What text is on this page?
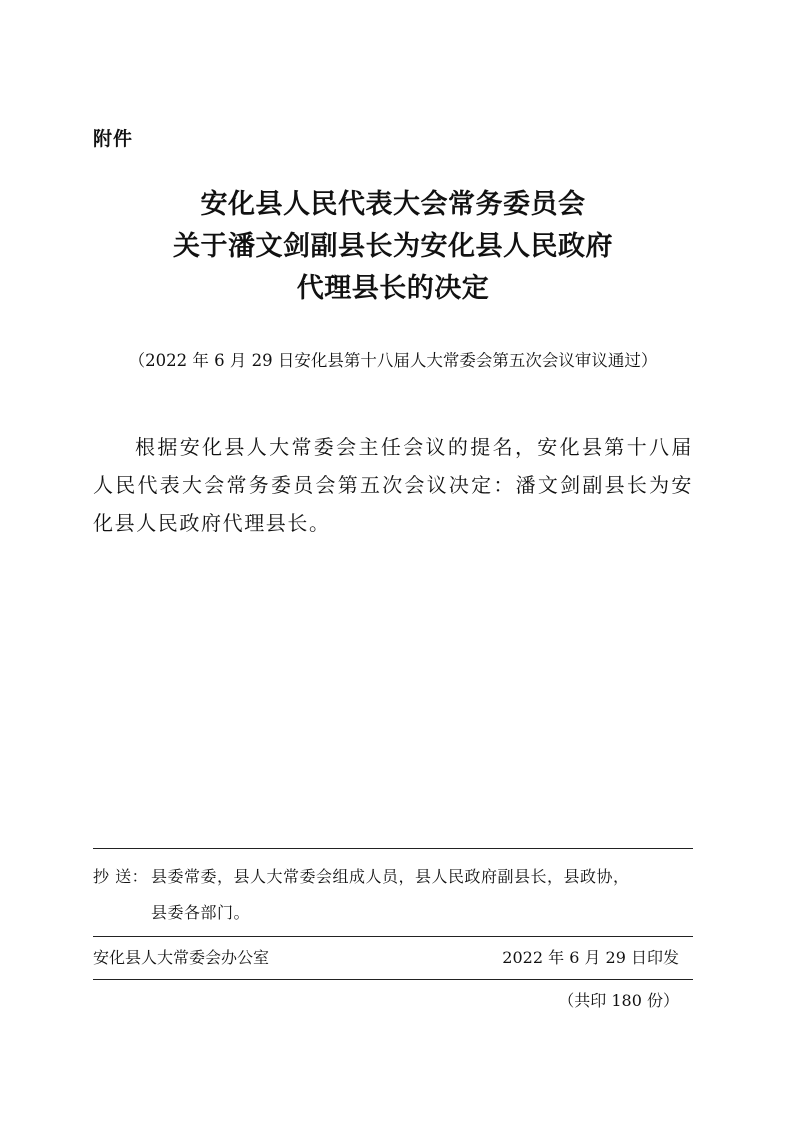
附件
安化县人民代表大会常务委员会
关于潘文剑副县长为安化县人民政府
代理县长的决定
（2022 年 6 月 29 日安化县第十八届人大常委会第五次会议审议通过）
根据安化县人大常委会主任会议的提名，安化县第十八届人民代表大会常务委员会第五次会议决定：潘文剑副县长为安化县人民政府代理县长。
抄 送： 县委常委，县人大常委会组成人员，县人民政府副县长，县政协，
县委各部门。
安化县人大常委会办公室	2022 年 6 月 29 日印发
（共印 180 份）
